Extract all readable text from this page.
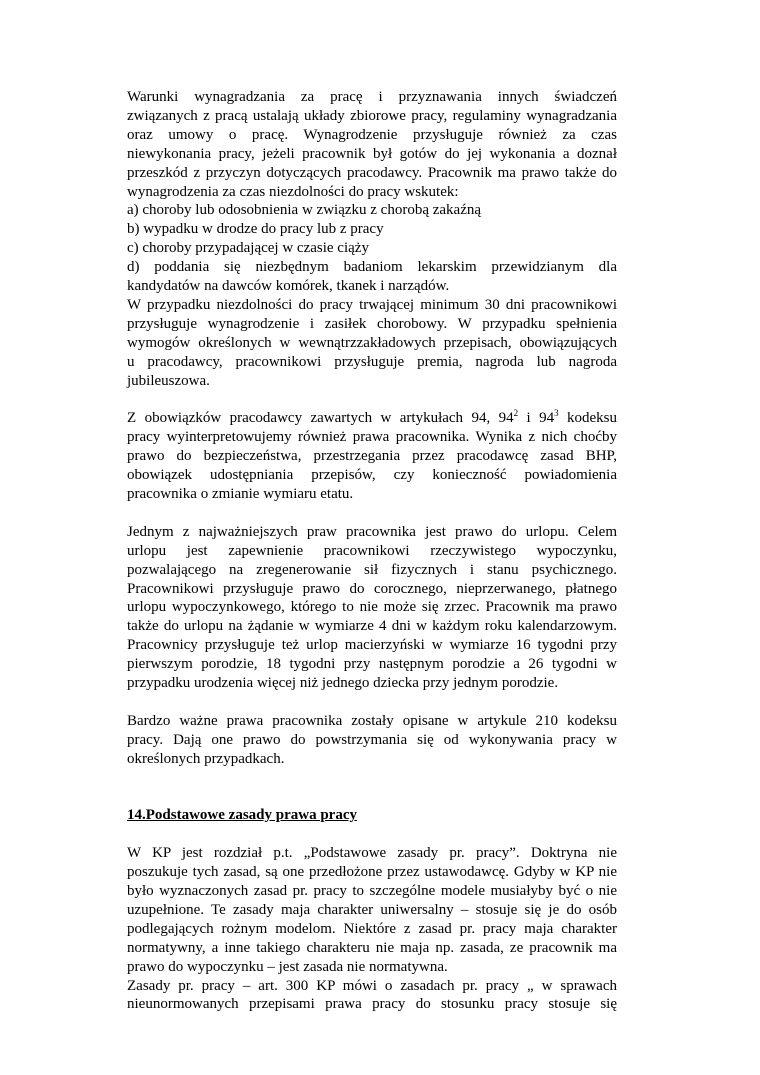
Warunki wynagradzania za pracę i przyznawania innych świadczeń
związanych z pracą ustalają układy zbiorowe pracy, regulaminy wynagradzania
oraz umowy o pracę. Wynagrodzenie przysługuje również za czas
niewykonania pracy, jeżeli pracownik był gotów do jej wykonania a doznał
przeszkód z przyczyn dotyczących pracodawcy. Pracownik ma prawo także do
wynagrodzenia za czas niezdolności do pracy wskutek:
a) choroby lub odosobnienia w związku z chorobą zakaźną
b) wypadku w drodze do pracy lub z pracy
c) choroby przypadającej w czasie ciąży
d) poddania się niezbędnym badaniom lekarskim przewidzianym dla
kandydatów na dawców komórek, tkanek i narządów.
W przypadku niezdolności do pracy trwającej minimum 30 dni pracownikowi
przysługuje wynagrodzenie i zasiłek chorobowy. W przypadku spełnienia
wymogów określonych w wewnątrzzakładowych przepisach, obowiązujących
u pracodawcy, pracownikowi przysługuje premia, nagroda lub nagroda
jubileuszowa.
Z obowiązków pracodawcy zawartych w artykułach 94, $94^2$ i $94^3$ kodeksu
pracy wyinterpretowujemy również prawa pracownika. Wynika z nich choćby
prawo do bezpieczeństwa, przestrzegania przez pracodawcę zasad BHP,
obowiązek udostępniania przepisów, czy konieczność powiadomienia
pracownika o zmianie wymiaru etatu.
Jednym z najważniejszych praw pracownika jest prawo do urlopu. Celem
urlopu jest zapewnienie pracownikowi rzeczywistego wypoczynku,
pozwalającego na zregenerowanie sił fizycznych i stanu psychicznego.
Pracownikowi przysługuje prawo do corocznego, nieprzerwanego, płatnego
urlopu wypoczynkowego, którego to nie może się zrzec. Pracownik ma prawo
także do urlopu na żądanie w wymiarze 4 dni w każdym roku kalendarzowym.
Pracownicy przysługuje też urlop macierzyński w wymiarze 16 tygodni przy
pierwszym porodzie, 18 tygodni przy następnym porodzie a 26 tygodni w
przypadku urodzenia więcej niż jednego dziecka przy jednym porodzie.
Bardzo ważne prawa pracownika zostały opisane w artykule 210 kodeksu
pracy. Dają one prawo do powstrzymania się od wykonywania pracy w
określonych przypadkach.
14.Podstawowe zasady prawa pracy
W KP jest rozdział p.t. „Podstawowe zasady pr. pracy”. Doktryna nie
poszukuje tych zasad, są one przedłożone przez ustawodawcę. Gdyby w KP nie
było wyznaczonych zasad pr. pracy to szczególne modele musiałyby być o nie
uzupełnione. Te zasady maja charakter uniwersalny – stosuje się je do osób
podlegających rożnym modelom. Niektóre z zasad pr. pracy maja charakter
normatywny, a inne takiego charakteru nie maja np. zasada, ze pracownik ma
prawo do wypoczynku – jest zasada nie normatywna.
Zasady pr. pracy – art. 300 KP mówi o zasadach pr. pracy „ w sprawach
nieunormowanych przepisami prawa pracy do stosunku pracy stosuje się
